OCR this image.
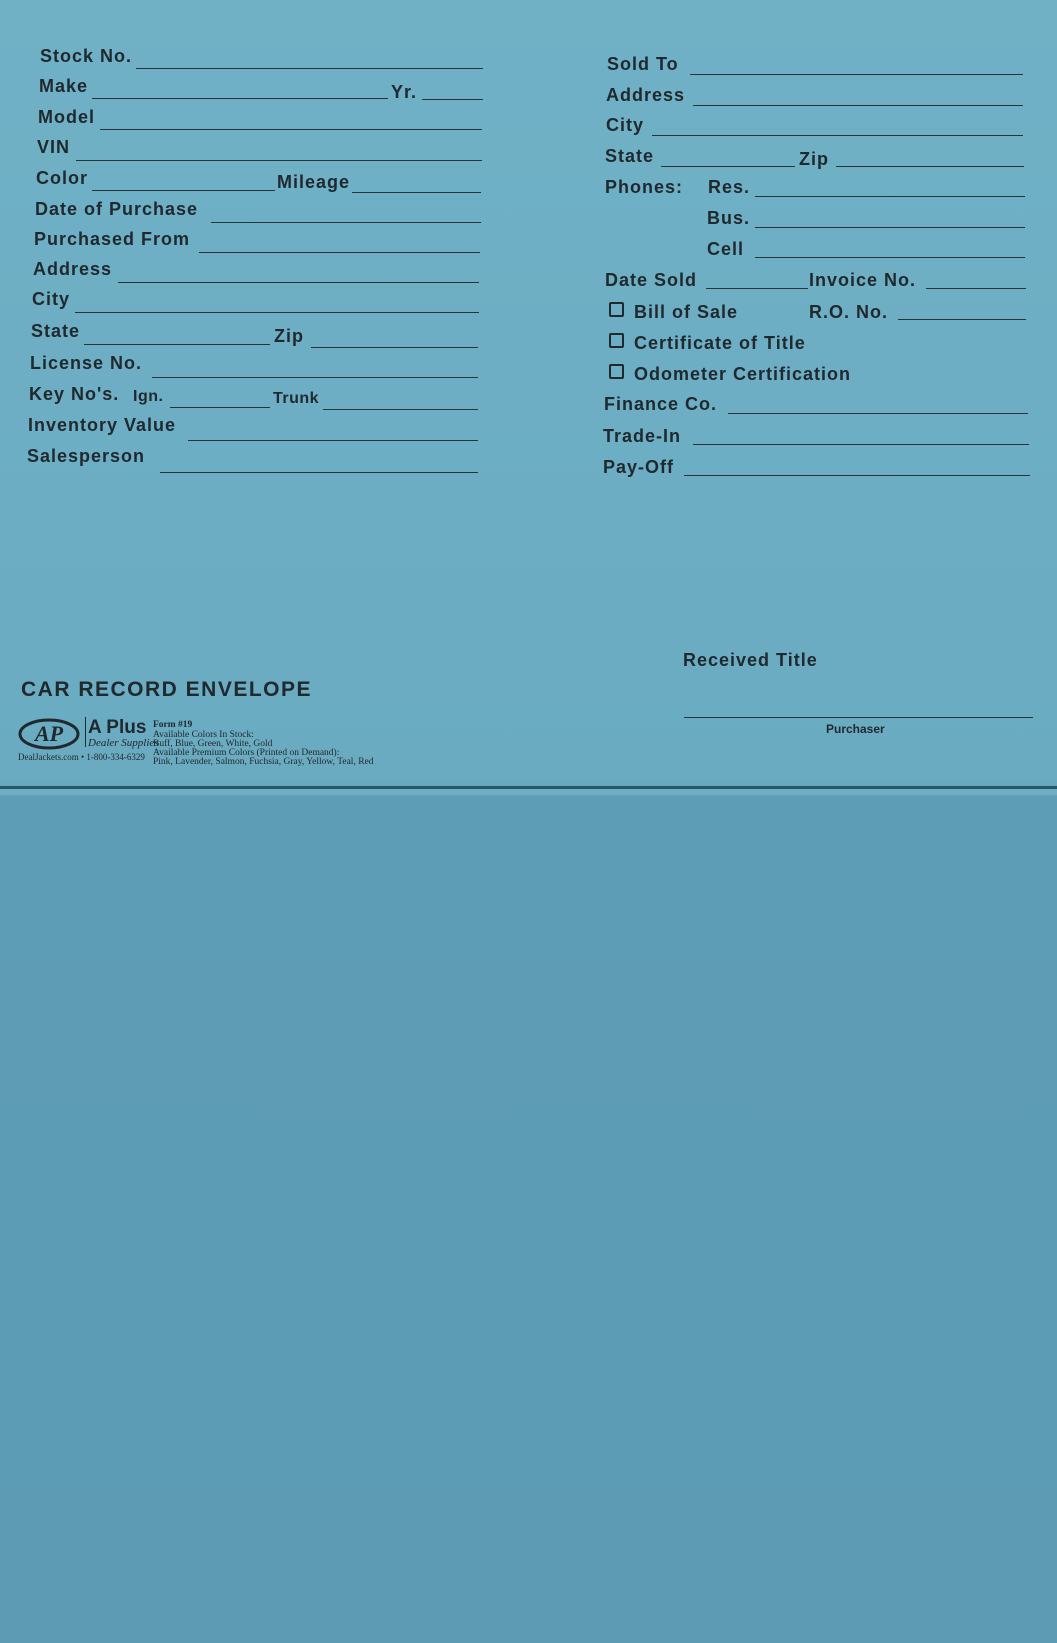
Stock No.
Make	Yr.
Model
VIN
Color	Mileage
Date of Purchase
Purchased From
Address
City
State	Zip
License No.
Key No's. Ign.	Trunk
Inventory Value
Salesperson
Sold To
Address
City
State	Zip
Phones: Res.
Bus.
Cell
Date Sold	Invoice No.
Bill of Sale	R.O. No.
Certificate of Title
Odometer Certification
Finance Co.
Trade-In
Pay-Off
Received Title
Purchaser
CAR RECORD ENVELOPE
AP A Plus
Dealer Supplies
DealJackets.com • 1-800-334-6329
Form #19
Available Colors In Stock:
Buff, Blue, Green, White, Gold
Available Premium Colors (Printed on Demand):
Pink, Lavender, Salmon, Fuchsia, Gray, Yellow, Teal, Red
